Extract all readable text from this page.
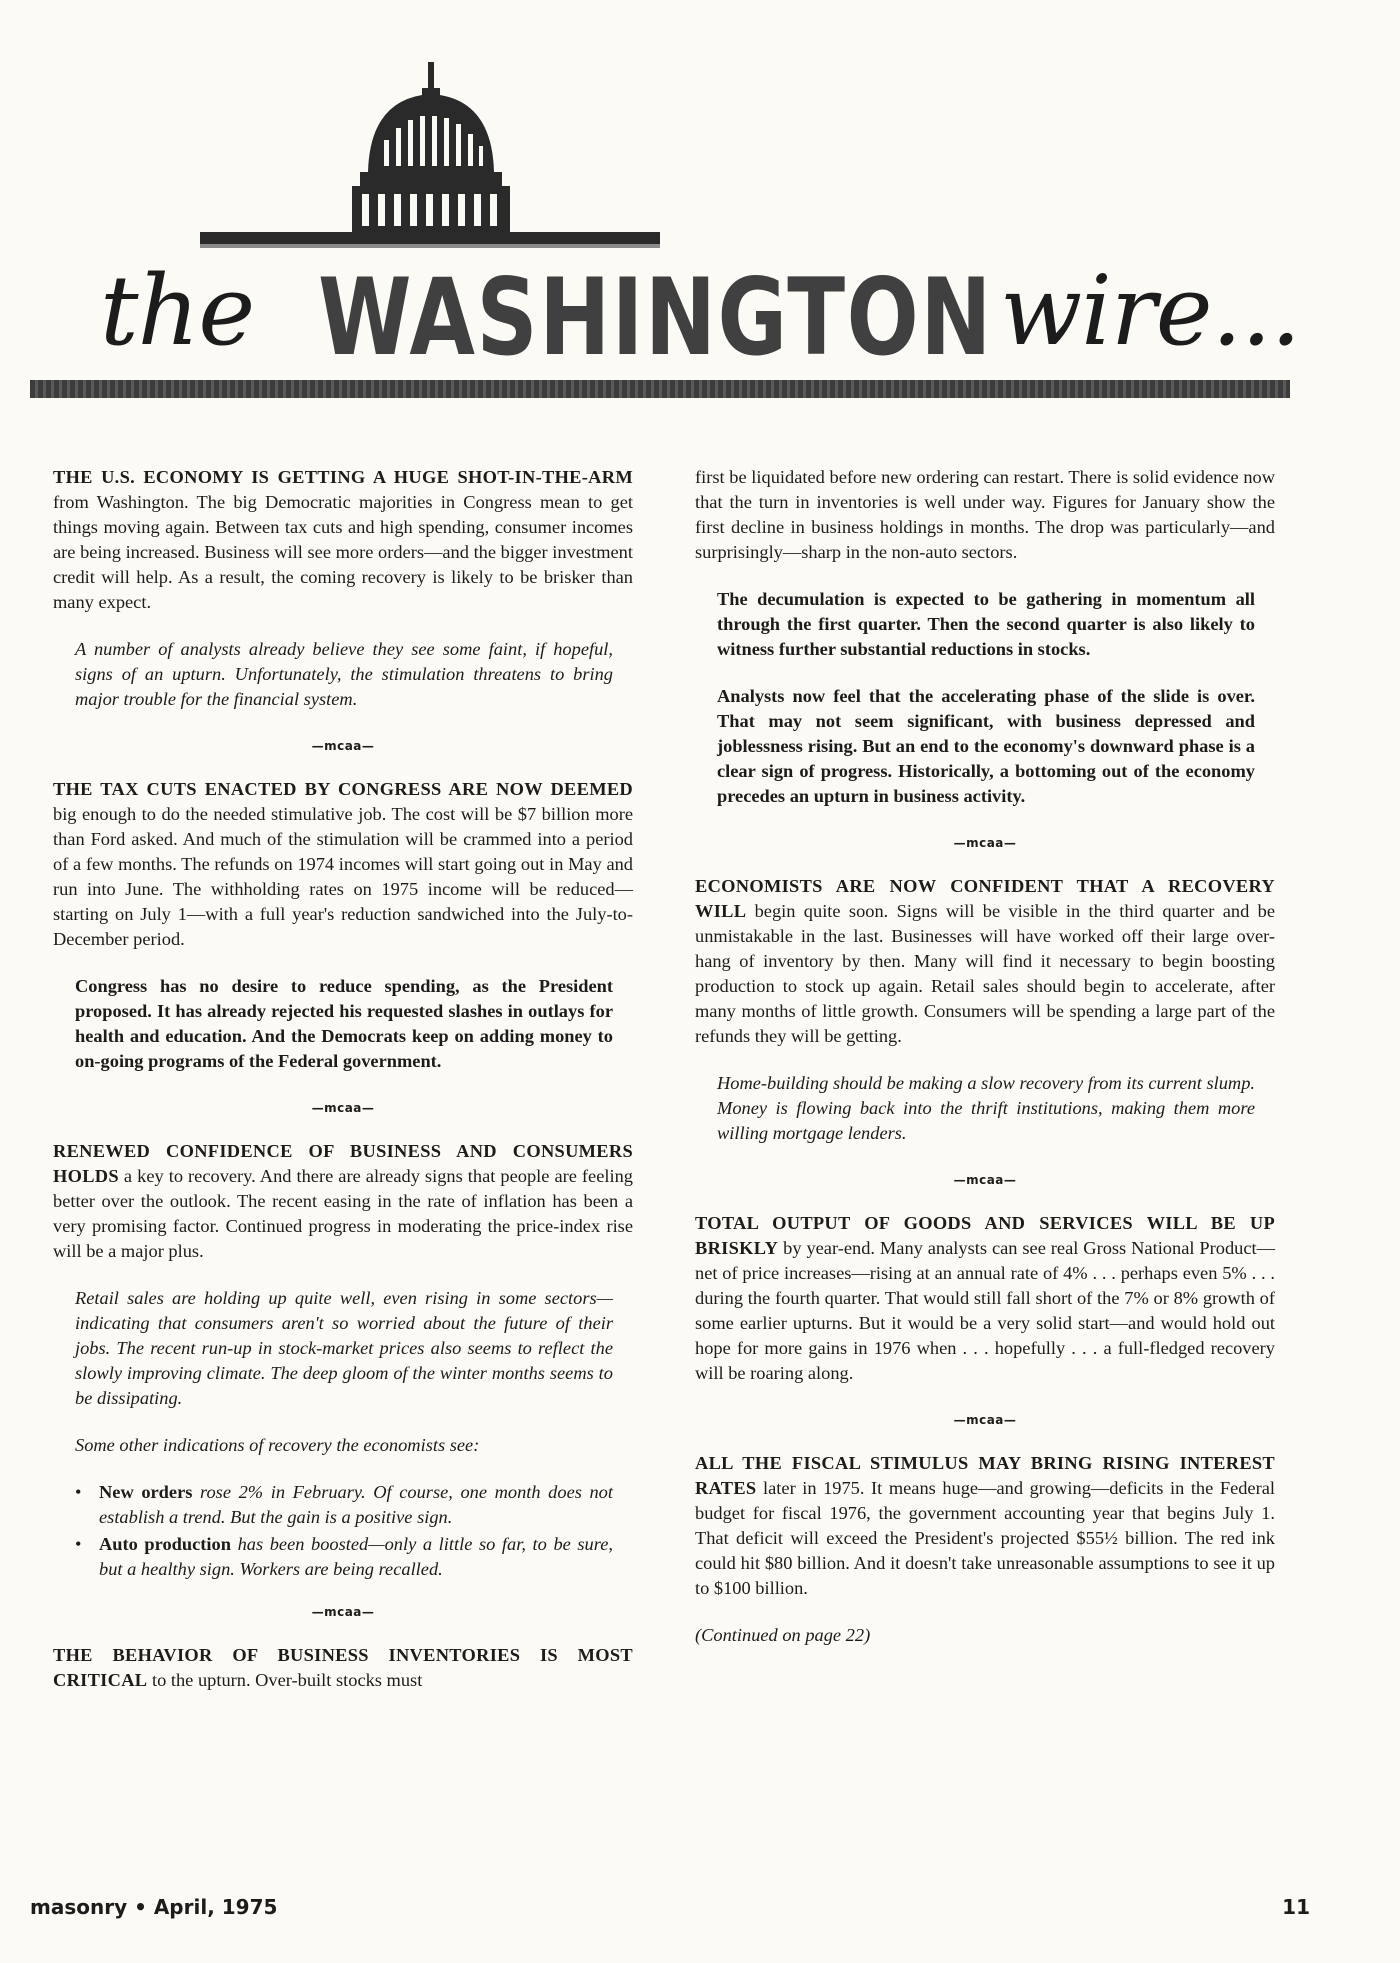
the WASHINGTON wire...

THE U.S. ECONOMY IS GETTING A HUGE SHOT-IN-THE-ARM from Washington. The big Democratic majorities in Congress mean to get things moving again. Between tax cuts and high spending, consumer incomes are being increased. Business will see more orders—and the bigger investment credit will help. As a result, the coming recovery is likely to be brisker than many expect.

A number of analysts already believe they see some faint, if hopeful, signs of an upturn. Unfortunately, the stimulation threatens to bring major trouble for the financial system.

—mcaa—

THE TAX CUTS ENACTED BY CONGRESS ARE NOW DEEMED big enough to do the needed stimulative job. The cost will be $7 billion more than Ford asked. And much of the stimulation will be crammed into a period of a few months. The refunds on 1974 incomes will start going out in May and run into June. The withholding rates on 1975 income will be reduced—starting on July 1—with a full year's reduction sandwiched into the July-to-December period.

Congress has no desire to reduce spending, as the President proposed. It has already rejected his requested slashes in outlays for health and education. And the Democrats keep on adding money to on-going programs of the Federal government.

—mcaa—

RENEWED CONFIDENCE OF BUSINESS AND CONSUMERS HOLDS a key to recovery. And there are already signs that people are feeling better over the outlook. The recent easing in the rate of inflation has been a very promising factor. Continued progress in moderating the price-index rise will be a major plus.

Retail sales are holding up quite well, even rising in some sectors—indicating that consumers aren't so worried about the future of their jobs. The recent run-up in stock-market prices also seems to reflect the slowly improving climate. The deep gloom of the winter months seems to be dissipating.

Some other indications of recovery the economists see:

• New orders rose 2% in February. Of course, one month does not establish a trend. But the gain is a positive sign.
• Auto production has been boosted—only a little so far, to be sure, but a healthy sign. Workers are being recalled.
—mcaa—

THE BEHAVIOR OF BUSINESS INVENTORIES IS MOST CRITICAL to the upturn. Over-built stocks must

first be liquidated before new ordering can restart. There is solid evidence now that the turn in inventories is well under way. Figures for January show the first decline in business holdings in months. The drop was particularly—and surprisingly—sharp in the non-auto sectors.

The decumulation is expected to be gathering in momentum all through the first quarter. Then the second quarter is also likely to witness further substantial reductions in stocks.

Analysts now feel that the accelerating phase of the slide is over. That may not seem significant, with business depressed and joblessness rising. But an end to the economy's downward phase is a clear sign of progress. Historically, a bottoming out of the economy precedes an upturn in business activity.

—mcaa—

ECONOMISTS ARE NOW CONFIDENT THAT A RECOVERY WILL begin quite soon. Signs will be visible in the third quarter and be unmistakable in the last. Businesses will have worked off their large over-hang of inventory by then. Many will find it necessary to begin boosting production to stock up again. Retail sales should begin to accelerate, after many months of little growth. Consumers will be spending a large part of the refunds they will be getting.

Home-building should be making a slow recovery from its current slump. Money is flowing back into the thrift institutions, making them more willing mortgage lenders.

—mcaa—

TOTAL OUTPUT OF GOODS AND SERVICES WILL BE UP BRISKLY by year-end. Many analysts can see real Gross National Product—net of price increases—rising at an annual rate of 4% . . . perhaps even 5% . . . during the fourth quarter. That would still fall short of the 7% or 8% growth of some earlier upturns. But it would be a very solid start—and would hold out hope for more gains in 1976 when . . . hopefully . . . a full-fledged recovery will be roaring along.

—mcaa—

ALL THE FISCAL STIMULUS MAY BRING RISING INTEREST RATES later in 1975. It means huge—and growing—deficits in the Federal budget for fiscal 1976, the government accounting year that begins July 1. That deficit will exceed the President's projected $55½ billion. The red ink could hit $80 billion. And it doesn't take unreasonable assumptions to see it up to $100 billion.

(Continued on page 22)

masonry • April, 1975	11
